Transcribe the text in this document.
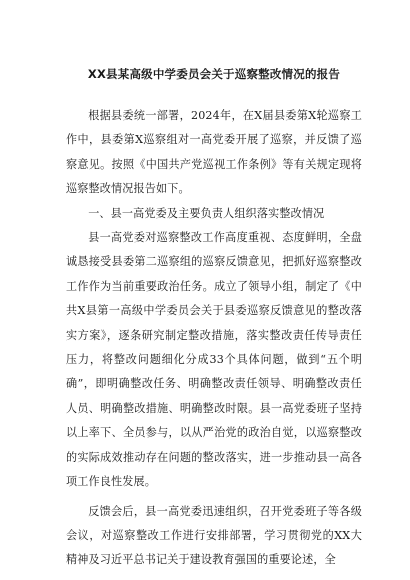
XX县某高级中学委员会关于巡察整改情况的报告

根据县委统一部署，2024年，在X届县委第X轮巡察工作中，县委第X巡察组对一高党委开展了巡察，并反馈了巡察意见。按照《中国共产党巡视工作条例》等有关规定现将巡察整改情况报告如下。

一、县一高党委及主要负责人组织落实整改情况

县一高党委对巡察整改工作高度重视、态度鲜明，全盘诚恳接受县委第二巡察组的巡察反馈意见，把抓好巡察整改工作作为当前重要政治任务。成立了领导小组，制定了《中共X县第一高级中学委员会关于县委巡察反馈意见的整改落实方案》，逐条研究制定整改措施，落实整改责任传导责任压力，将整改问题细化分成33个具体问题，做到“五个明确”，即明确整改任务、明确整改责任领导、明确整改责任人员、明确整改措施、明确整改时限。县一高党委班子坚持以上率下、全员参与，以从严治党的政治自觉，以巡察整改的实际成效推动存在问题的整改落实，进一步推动县一高各项工作良性发展。

反馈会后，县一高党委迅速组织，召开党委班子等各级会议，对巡察整改工作进行安排部署，学习贯彻党的XX大精神及习近平总书记关于建设教育强国的重要论述，全
